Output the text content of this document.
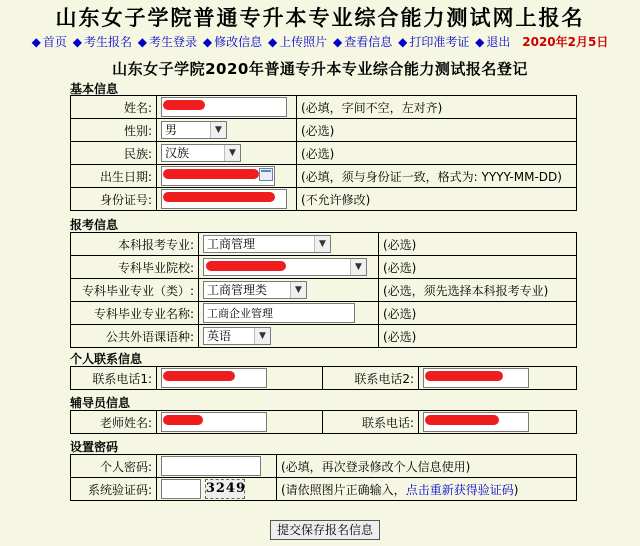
山东女子学院普通专升本专业综合能力测试网上报名
◆ 首页 ◆ 考生报名 ◆ 考生登录 ◆ 修改信息 ◆ 上传照片 ◆ 查看信息 ◆ 打印准考证 ◆ 退出 2020年2月5日
山东女子学院2020年普通专升本专业综合能力测试报名登记
基本信息
姓名:		(必填，字间不空，左对齐)
性别:	男 ▼	(必选)
民族:	汉族 ▼	(必选)
出生日期:		(必填，须与身份证一致，格式为: YYYY-MM-DD)
身份证号:		(不允许修改)
报考信息
本科报考专业:	工商管理 ▼	(必选)
专科毕业院校:	▼	(必选)
专科毕业专业（类）:	工商管理类 ▼	(必选，须先选择本科报考专业)
专科毕业专业名称:	工商企业管理	(必选)
公共外语课语种:	英语 ▼	(必选)
个人联系信息
联系电话1:		联系电话2:	
辅导员信息
老师姓名:		联系电话:	
设置密码
个人密码:		(必填，再次登录修改个人信息使用)
系统验证码:	3249	(请依照图片正确输入，点击重新获得验证码)
提交保存报名信息
